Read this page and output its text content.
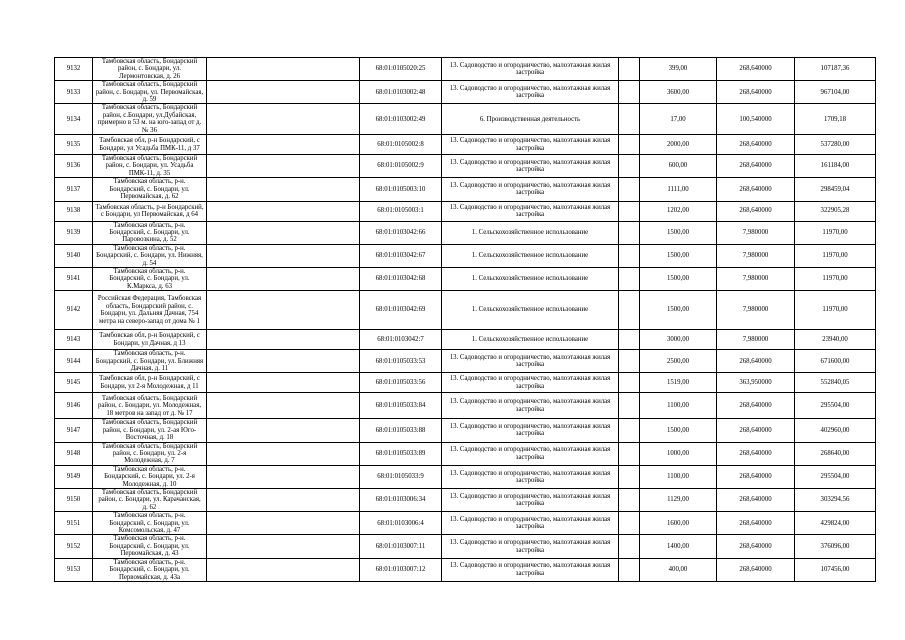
9132	Тамбовская область, Бондарский район, с. Бондари, ул. Лермонтовская, д. 26		68:01:0105020:25	13. Садоводство и огородничество, малоэтажная жилая застройка		399,00	268,640000	107187,36
9133	Тамбовская область, Бондарский район, с. Бондари, ул. Первомайская, д. 59		68:01:0103002:48	13. Садоводство и огородничество, малоэтажная жилая застройка		3600,00	268,640000	967104,00
9134	Тамбовская область, Бондарский район, с.Бондари, ул.Дубайская, примерно в 53 м. на юго-запад от д. № 36		68:01:0103002:49	6. Производственная деятельность		17,00	100,540000	1709,18
9135	Тамбовская обл, р-н Бондарский, с Бондари, ул Усадьба ПМК-11, д 37		68:01:0105002:8	13. Садоводство и огородничество, малоэтажная жилая застройка		2000,00	268,640000	537280,00
9136	Тамбовская область, Бондарский район, с. Бондари, ул. Усадьба ПМК-11, д. 35		68:01:0105002:9	13. Садоводство и огородничество, малоэтажная жилая застройка		600,00	268,640000	161184,00
9137	Тамбовская область, р-н. Бондарский, с. Бондари, ул. Первомайская, д. 62		68:01:0105003:10	13. Садоводство и огородничество, малоэтажная жилая застройка		1111,00	268,640000	298459,04
9138	Тамбовская область, р-н Бондарский, с Бондари, ул Первомайская, д 64		68:01:0105003:1	13. Садоводство и огородничество, малоэтажная жилая застройка		1202,00	268,640000	322905,28
9139	Тамбовская область, р-н. Бондарский, с. Бондари, ул. Паровозкина, д. 52		68:01:0103042:66	1. Сельскохозяйственное использование		1500,00	7,980000	11970,00
9140	Тамбовская область, р-н. Бондарский, с. Бондари, ул. Нижняя, д. 54		68:01:0103042:67	1. Сельскохозяйственное использование		1500,00	7,980000	11970,00
9141	Тамбовская область, р-н. Бондарский, с. Бондари, ул. К.Маркса, д. 63		68:01:0103042:68	1. Сельскохозяйственное использование		1500,00	7,980000	11970,00
9142	Российская Федерация, Тамбовская область, Бондарский район, с. Бондари, ул. Дальняя Дачная, 754 метра на северо-запад от дома № 1		68:01:0103042:69	1. Сельскохозяйственное использование		1500,00	7,980000	11970,00
9143	Тамбовская обл, р-н Бондарский, с Бондари, ул Дачная, д 13		68:01:0103042:7	1. Сельскохозяйственное использование		3000,00	7,980000	23940,00
9144	Тамбовская область, р-н. Бондарский, с. Бондари, ул. Ближняя Дачная, д. 11		68:01:0105033:53	13. Садоводство и огородничество, малоэтажная жилая застройка		2500,00	268,640000	671600,00
9145	Тамбовская обл, р-н Бондарский, с Бондари, ул 2-я Молодежная, д 11		68:01:0105033:56	13. Садоводство и огородничество, малоэтажная жилая застройка		1519,00	363,950000	552840,05
9146	Тамбовская область, Бондарский район, с. Бондари, ул. Молодежная, 18 метров на запад от д. № 17		68:01:0105033:84	13. Садоводство и огородничество, малоэтажная жилая застройка		1100,00	268,640000	295504,00
9147	Тамбовская область, Бондарский район, с. Бондари, ул. 2-ая Юго-Восточная, д. 18		68:01:0105033:88	13. Садоводство и огородничество, малоэтажная жилая застройка		1500,00	268,640000	402960,00
9148	Тамбовская область, Бондарский район, с. Бондари, ул. 2-я Молодежная, д. 7		68:01:0105033:89	13. Садоводство и огородничество, малоэтажная жилая застройка		1000,00	268,640000	268640,00
9149	Тамбовская область, р-н. Бондарский, с. Бондари, ул. 2-я Молодежная, д. 10		68:01:0105033:9	13. Садоводство и огородничество, малоэтажная жилая застройка		1100,00	268,640000	295504,00
9150	Тамбовская область, Бондарский район, с. Бондари, ул. Карачанская, д. 62		68:01:0103006:34	13. Садоводство и огородничество, малоэтажная жилая застройка		1129,00	268,640000	303294,56
9151	Тамбовская область, р-н. Бондарский, с. Бондари, ул. Комсомольская, д. 47		68:01:0103006:4	13. Садоводство и огородничество, малоэтажная жилая застройка		1600,00	268,640000	429824,00
9152	Тамбовская область, р-н. Бондарский, с. Бондари, ул. Первомайская, д. 43		68:01:0103007:11	13. Садоводство и огородничество, малоэтажная жилая застройка		1400,00	268,640000	376096,00
9153	Тамбовская область, р-н. Бондарский, с. Бондари, ул. Первомайская, д. 43а		68:01:0103007:12	13. Садоводство и огородничество, малоэтажная жилая застройка		400,00	268,640000	107456,00
